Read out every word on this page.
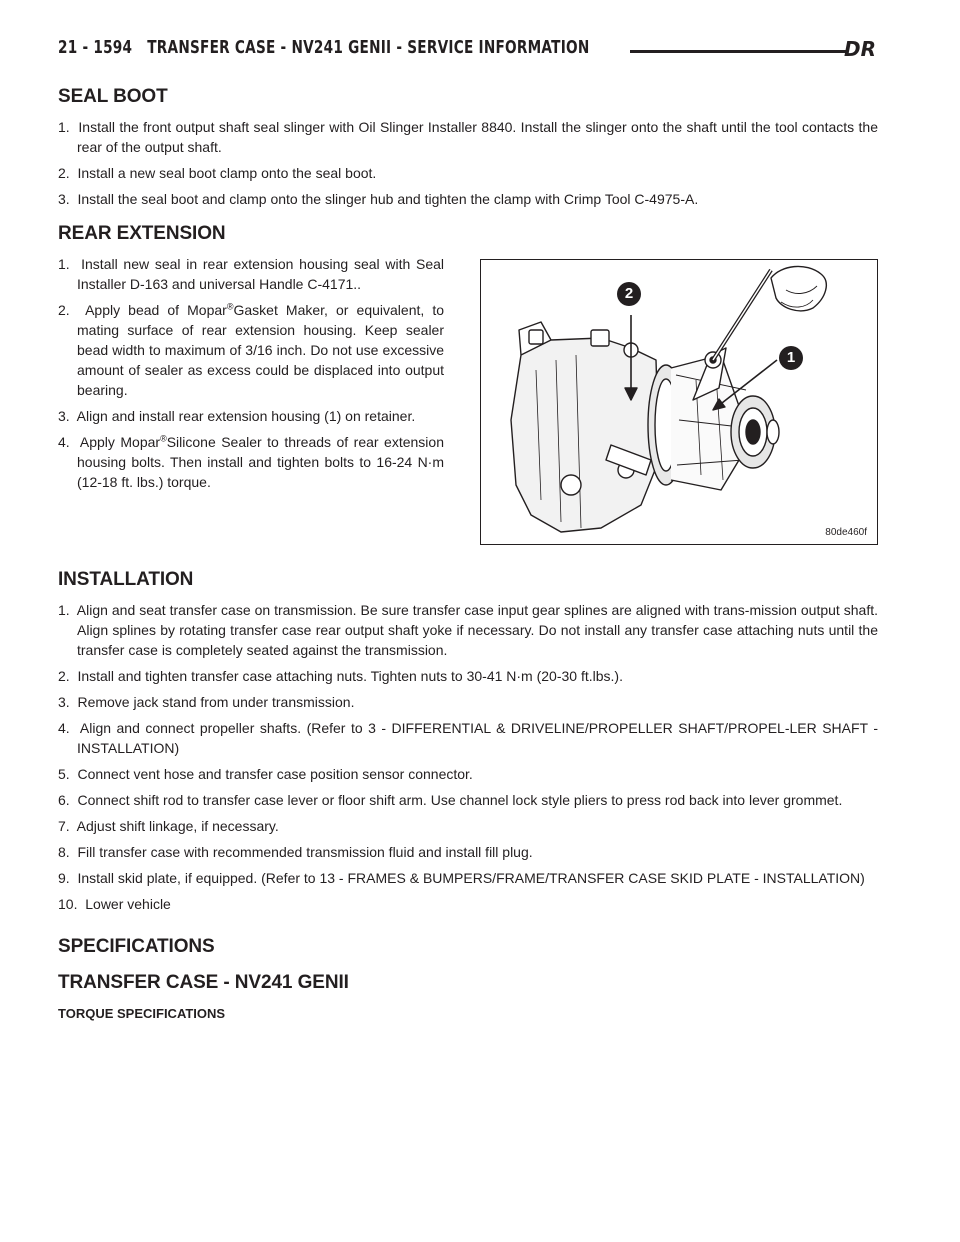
21 - 1594 TRANSFER CASE - NV241 GENII - SERVICE INFORMATION	DR
SEAL BOOT
1.  Install the front output shaft seal slinger with Oil Slinger Installer 8840. Install the slinger onto the shaft until the tool contacts the rear of the output shaft.
2.  Install a new seal boot clamp onto the seal boot.
3.  Install the seal boot and clamp onto the slinger hub and tighten the clamp with Crimp Tool C-4975-A.
REAR EXTENSION
1.  Install new seal in rear extension housing seal with Seal Installer D-163 and universal Handle C-4171..
2.  Apply bead of Mopar®Gasket Maker, or equivalent, to mating surface of rear extension housing. Keep sealer bead width to maximum of 3/16 inch. Do not use excessive amount of sealer as excess could be displaced into output bearing.
3.  Align and install rear extension housing (1) on retainer.
4.  Apply Mopar®Silicone Sealer to threads of rear extension housing bolts. Then install and tighten bolts to 16-24 N·m (12-18 ft. lbs.) torque.
2
1
80de460f
INSTALLATION
1.  Align and seat transfer case on transmission. Be sure transfer case input gear splines are aligned with trans-mission output shaft. Align splines by rotating transfer case rear output shaft yoke if necessary. Do not install any transfer case attaching nuts until the transfer case is completely seated against the transmission.
2.  Install and tighten transfer case attaching nuts. Tighten nuts to 30-41 N·m (20-30 ft.lbs.).
3.  Remove jack stand from under transmission.
4.  Align and connect propeller shafts. (Refer to 3 - DIFFERENTIAL & DRIVELINE/PROPELLER SHAFT/PROPEL-LER SHAFT - INSTALLATION)
5.  Connect vent hose and transfer case position sensor connector.
6.  Connect shift rod to transfer case lever or floor shift arm. Use channel lock style pliers to press rod back into lever grommet.
7.  Adjust shift linkage, if necessary.
8.  Fill transfer case with recommended transmission fluid and install fill plug.
9.  Install skid plate, if equipped. (Refer to 13 - FRAMES & BUMPERS/FRAME/TRANSFER CASE SKID PLATE - INSTALLATION)
10.  Lower vehicle
SPECIFICATIONS
TRANSFER CASE - NV241 GENII
TORQUE SPECIFICATIONS
